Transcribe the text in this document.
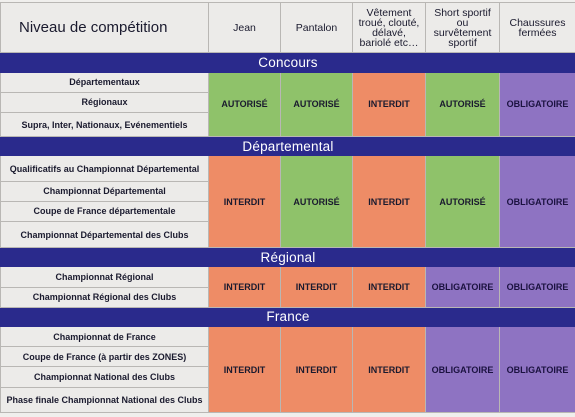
Niveau de compétition	Jean	Pantalon	Vêtement troué, clouté, délavé, bariolé etc…	Short sportif ou survêtement sportif	Chaussures fermées
Concours					
Départementaux	AUTORISÉ	AUTORISÉ	INTERDIT	AUTORISÉ	OBLIGATOIRE
Régionaux					
Supra, Inter, Nationaux, Evénementiels					
Départemental					
Qualificatifs au Championnat Départemental	INTERDIT	AUTORISÉ	INTERDIT	AUTORISÉ	OBLIGATOIRE
Championnat Départemental					
Coupe de France départementale					
Championnat Départemental des Clubs					
Régional					
Championnat Régional	INTERDIT	INTERDIT	INTERDIT	OBLIGATOIRE	OBLIGATOIRE
Championnat Régional des Clubs					
France					
Championnat de France	INTERDIT	INTERDIT	INTERDIT	OBLIGATOIRE	OBLIGATOIRE
Coupe de France (à partir des ZONES)					
Championnat National des Clubs					
Phase finale Championnat National des Clubs					
